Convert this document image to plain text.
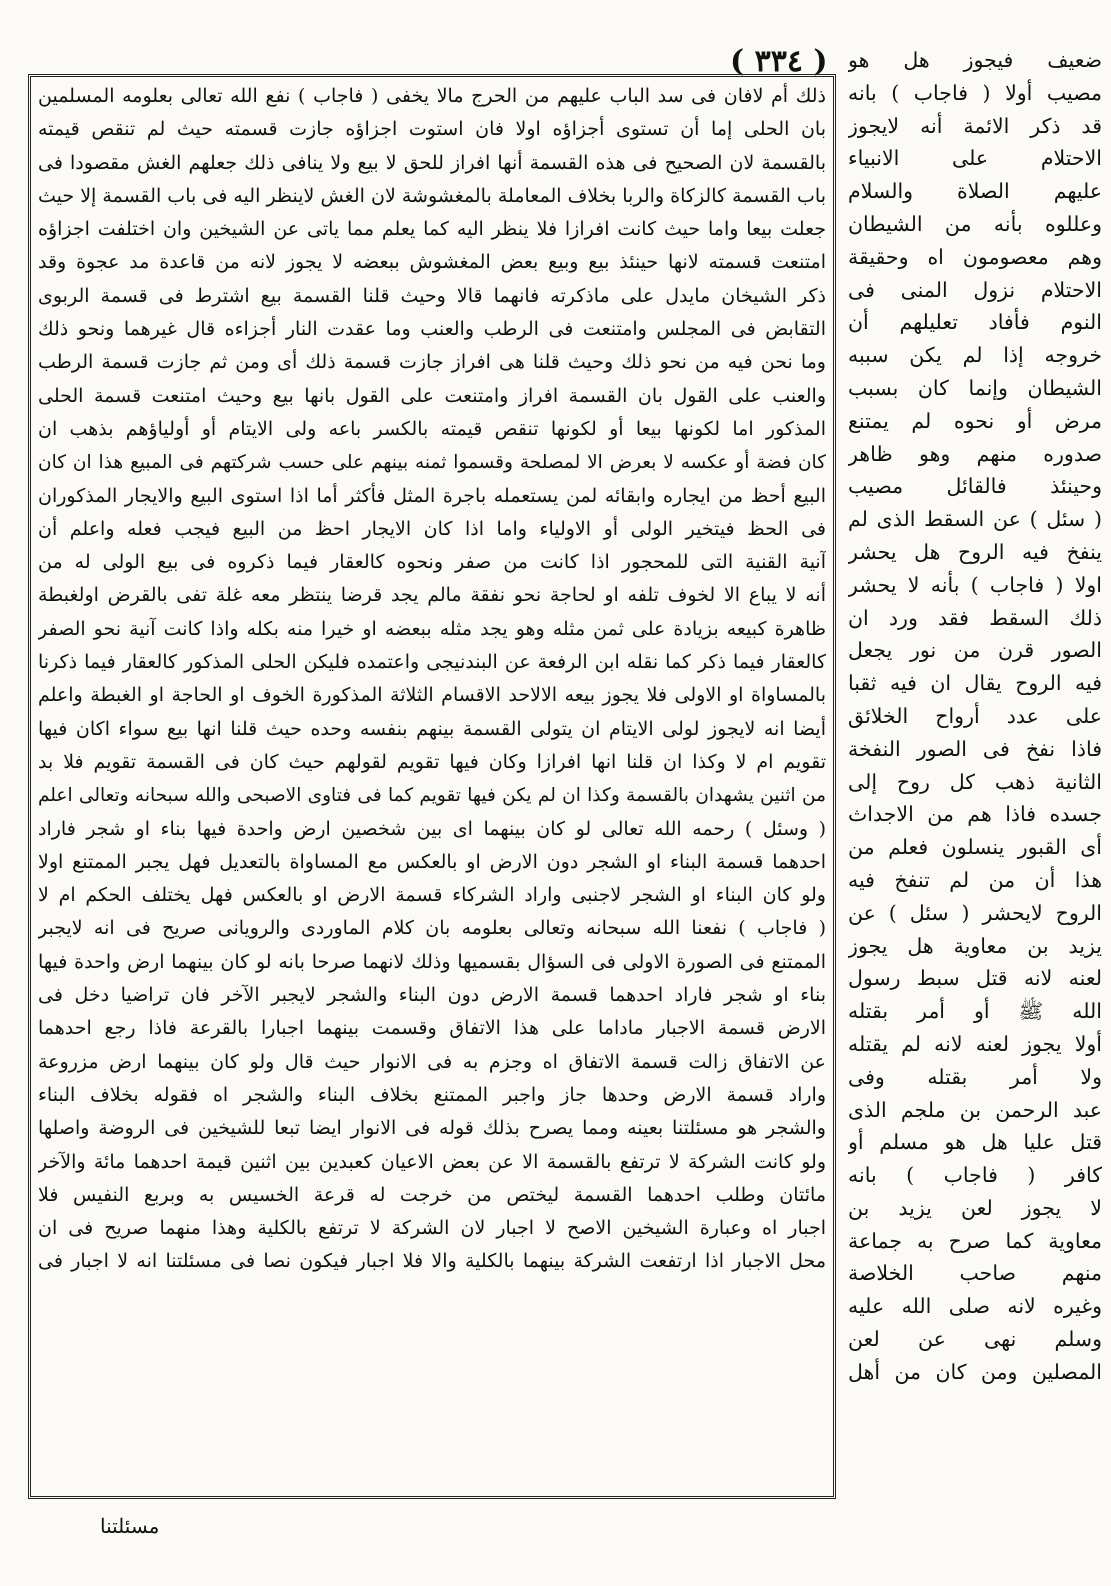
( ٣٣٤ ) ضعيف فيجوز هل هو
مصيب أولا ( فاجاب ) بانه
قد ذكر الائمة أنه لايجوز
الاحتلام على الانبياء
عليهم الصلاة والسلام
وعللوه بأنه من الشيطان
وهم معصومون اه وحقيقة
الاحتلام نزول المنى فى
النوم فأفاد تعليلهم أن
خروجه إذا لم يكن سببه
الشيطان وإنما كان بسبب
مرض أو نحوه لم يمتنع
صدوره منهم وهو ظاهر
وحينئذ فالقائل مصيب
( سئل ) عن السقط الذى لم
ينفخ فيه الروح هل يحشر
اولا ( فاجاب ) بأنه لا يحشر
ذلك السقط فقد ورد ان
الصور قرن من نور يجعل
فيه الروح يقال ان فيه ثقبا
على عدد أرواح الخلائق
فاذا نفخ فى الصور النفخة
الثانية ذهب كل روح إلى
جسده فاذا هم من الاجداث
أى القبور ينسلون فعلم من
هذا أن من لم تنفخ فيه
الروح لايحشر ( سئل ) عن
يزيد بن معاوية هل يجوز
لعنه لانه قتل سبط رسول
الله ﷺ أو أمر بقتله
أولا يجوز لعنه لانه لم يقتله
ولا أمر بقتله وفى
عبد الرحمن بن ملجم الذى
قتل عليا هل هو مسلم أو
كافر ( فاجاب ) بانه
لا يجوز لعن يزيد بن
معاوية كما صرح به جماعة
منهم صاحب الخلاصة
وغيره لانه صلى الله عليه
وسلم نهى عن لعن
المصلين ومن كان من أهل
ذلك أم لافان فى سد الباب عليهم من الحرج مالا يخفى ( فاجاب ) نفع الله تعالى بعلومه المسلمين
بان الحلى إما أن تستوى أجزاؤه اولا فان استوت اجزاؤه جازت قسمته حيث لم تنقص قيمته
بالقسمة لان الصحيح فى هذه القسمة أنها افراز للحق لا بيع ولا ينافى ذلك جعلهم الغش مقصودا فى
باب القسمة كالزكاة والربا بخلاف المعاملة بالمغشوشة لان الغش لاينظر اليه فى باب القسمة إلا حيث
جعلت بيعا واما حيث كانت افرازا فلا ينظر اليه كما يعلم مما ياتى عن الشيخين وان اختلفت اجزاؤه
امتنعت قسمته لانها حينئذ بيع وبيع بعض المغشوش ببعضه لا يجوز لانه من قاعدة مد عجوة وقد
ذكر الشيخان مايدل على ماذكرته فانهما قالا وحيث قلنا القسمة بيع اشترط فى قسمة الربوى
التقابض فى المجلس وامتنعت فى الرطب والعنب وما عقدت النار أجزاءه قال غيرهما ونحو ذلك
وما نحن فيه من نحو ذلك وحيث قلنا هى افراز جازت قسمة ذلك أى ومن ثم جازت قسمة الرطب
والعنب على القول بان القسمة افراز وامتنعت على القول بانها بيع وحيث امتنعت قسمة الحلى
المذكور اما لكونها بيعا أو لكونها تنقص قيمته بالكسر باعه ولى الايتام أو أولياؤهم بذهب ان
كان فضة أو عكسه لا بعرض الا لمصلحة وقسموا ثمنه بينهم على حسب شركتهم فى المبيع هذا ان كان
البيع أحظ من ايجاره وابقائه لمن يستعمله باجرة المثل فأكثر أما اذا استوى البيع والايجار المذكوران
فى الحظ فيتخير الولى أو الاولياء واما اذا كان الايجار احظ من البيع فيجب فعله واعلم أن
آنية القنية التى للمحجور اذا كانت من صفر ونحوه كالعقار فيما ذكروه فى بيع الولى له من
أنه لا يباع الا لخوف تلفه او لحاجة نحو نفقة مالم يجد قرضا ينتظر معه غلة تفى بالقرض اولغبطة
ظاهرة كبيعه بزيادة على ثمن مثله وهو يجد مثله ببعضه او خيرا منه بكله واذا كانت آنية نحو الصفر
كالعقار فيما ذكر كما نقله ابن الرفعة عن البندنيجى واعتمده فليكن الحلى المذكور كالعقار فيما ذكرنا
بالمساواة او الاولى فلا يجوز بيعه الالاحد الاقسام الثلاثة المذكورة الخوف او الحاجة او الغبطة واعلم
أيضا انه لايجوز لولى الايتام ان يتولى القسمة بينهم بنفسه وحده حيث قلنا انها بيع سواء اكان فيها
تقويم ام لا وكذا ان قلنا انها افرازا وكان فيها تقويم لقولهم حيث كان فى القسمة تقويم فلا بد
من اثنين يشهدان بالقسمة وكذا ان لم يكن فيها تقويم كما فى فتاوى الاصبحى والله سبحانه وتعالى اعلم
( وسئل ) رحمه الله تعالى لو كان بينهما اى بين شخصين ارض واحدة فيها بناء او شجر فاراد
احدهما قسمة البناء او الشجر دون الارض او بالعكس مع المساواة بالتعديل فهل يجبر الممتنع اولا
ولو كان البناء او الشجر لاجنبى واراد الشركاء قسمة الارض او بالعكس فهل يختلف الحكم ام لا
( فاجاب ) نفعنا الله سبحانه وتعالى بعلومه بان كلام الماوردى والرويانى صريح فى انه لايجبر
الممتنع فى الصورة الاولى فى السؤال بقسميها وذلك لانهما صرحا بانه لو كان بينهما ارض واحدة فيها
بناء او شجر فاراد احدهما قسمة الارض دون البناء والشجر لايجبر الآخر فان تراضيا دخل فى
الارض قسمة الاجبار ماداما على هذا الاتفاق وقسمت بينهما اجبارا بالقرعة فاذا رجع احدهما
عن الاتفاق زالت قسمة الاتفاق اه وجزم به فى الانوار حيث قال ولو كان بينهما ارض مزروعة
واراد قسمة الارض وحدها جاز واجبر الممتنع بخلاف البناء والشجر اه فقوله بخلاف البناء
والشجر هو مسئلتنا بعينه ومما يصرح بذلك قوله فى الانوار ايضا تبعا للشيخين فى الروضة واصلها
ولو كانت الشركة لا ترتفع بالقسمة الا عن بعض الاعيان كعبدين بين اثنين قيمة احدهما مائة والآخر
مائتان وطلب احدهما القسمة ليختص من خرجت له قرعة الخسيس به وبربع النفيس فلا
اجبار اه وعبارة الشيخين الاصح لا اجبار لان الشركة لا ترتفع بالكلية وهذا منهما صريح فى ان
محل الاجبار اذا ارتفعت الشركة بينهما بالكلية والا فلا اجبار فيكون نصا فى مسئلتنا انه لا اجبار فى
مسئلتنا
